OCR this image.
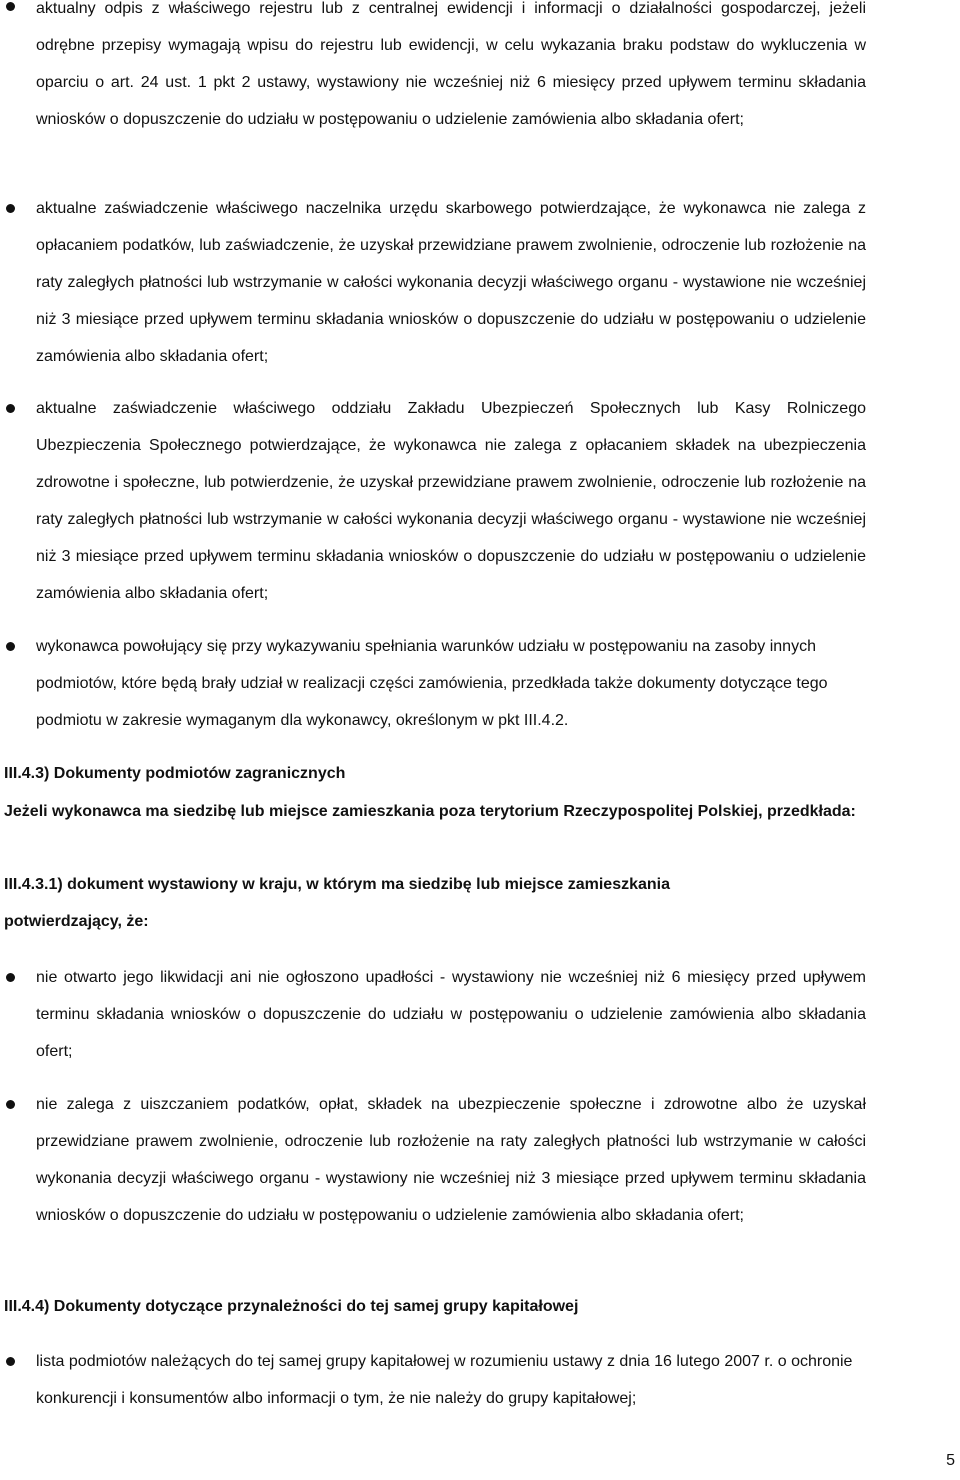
aktualny odpis z właściwego rejestru lub z centralnej ewidencji i informacji o działalności gospodarczej, jeżeli odrębne przepisy wymagają wpisu do rejestru lub ewidencji, w celu wykazania braku podstaw do wykluczenia w oparciu o art. 24 ust. 1 pkt 2 ustawy, wystawiony nie wcześniej niż 6 miesięcy przed upływem terminu składania wniosków o dopuszczenie do udziału w postępowaniu o udzielenie zamówienia albo składania ofert;
aktualne zaświadczenie właściwego naczelnika urzędu skarbowego potwierdzające, że wykonawca nie zalega z opłacaniem podatków, lub zaświadczenie, że uzyskał przewidziane prawem zwolnienie, odroczenie lub rozłożenie na raty zaległych płatności lub wstrzymanie w całości wykonania decyzji właściwego organu - wystawione nie wcześniej niż 3 miesiące przed upływem terminu składania wniosków o dopuszczenie do udziału w postępowaniu o udzielenie zamówienia albo składania ofert;
aktualne zaświadczenie właściwego oddziału Zakładu Ubezpieczeń Społecznych lub Kasy Rolniczego Ubezpieczenia Społecznego potwierdzające, że wykonawca nie zalega z opłacaniem składek na ubezpieczenia zdrowotne i społeczne, lub potwierdzenie, że uzyskał przewidziane prawem zwolnienie, odroczenie lub rozłożenie na raty zaległych płatności lub wstrzymanie w całości wykonania decyzji właściwego organu - wystawione nie wcześniej niż 3 miesiące przed upływem terminu składania wniosków o dopuszczenie do udziału w postępowaniu o udzielenie zamówienia albo składania ofert;
wykonawca powołujący się przy wykazywaniu spełniania warunków udziału w postępowaniu na zasoby innych podmiotów, które będą brały udział w realizacji części zamówienia, przedkłada także dokumenty dotyczące tego podmiotu w zakresie wymaganym dla wykonawcy, określonym w pkt III.4.2.
III.4.3) Dokumenty podmiotów zagranicznych
Jeżeli wykonawca ma siedzibę lub miejsce zamieszkania poza terytorium Rzeczypospolitej Polskiej, przedkłada:
III.4.3.1) dokument wystawiony w kraju, w którym ma siedzibę lub miejsce zamieszkania potwierdzający, że:
nie otwarto jego likwidacji ani nie ogłoszono upadłości - wystawiony nie wcześniej niż 6 miesięcy przed upływem terminu składania wniosków o dopuszczenie do udziału w postępowaniu o udzielenie zamówienia albo składania ofert;
nie zalega z uiszczaniem podatków, opłat, składek na ubezpieczenie społeczne i zdrowotne albo że uzyskał przewidziane prawem zwolnienie, odroczenie lub rozłożenie na raty zaległych płatności lub wstrzymanie w całości wykonania decyzji właściwego organu - wystawiony nie wcześniej niż 3 miesiące przed upływem terminu składania wniosków o dopuszczenie do udziału w postępowaniu o udzielenie zamówienia albo składania ofert;
III.4.4) Dokumenty dotyczące przynależności do tej samej grupy kapitałowej
lista podmiotów należących do tej samej grupy kapitałowej w rozumieniu ustawy z dnia 16 lutego 2007 r. o ochronie konkurencji i konsumentów albo informacji o tym, że nie należy do grupy kapitałowej;
5
